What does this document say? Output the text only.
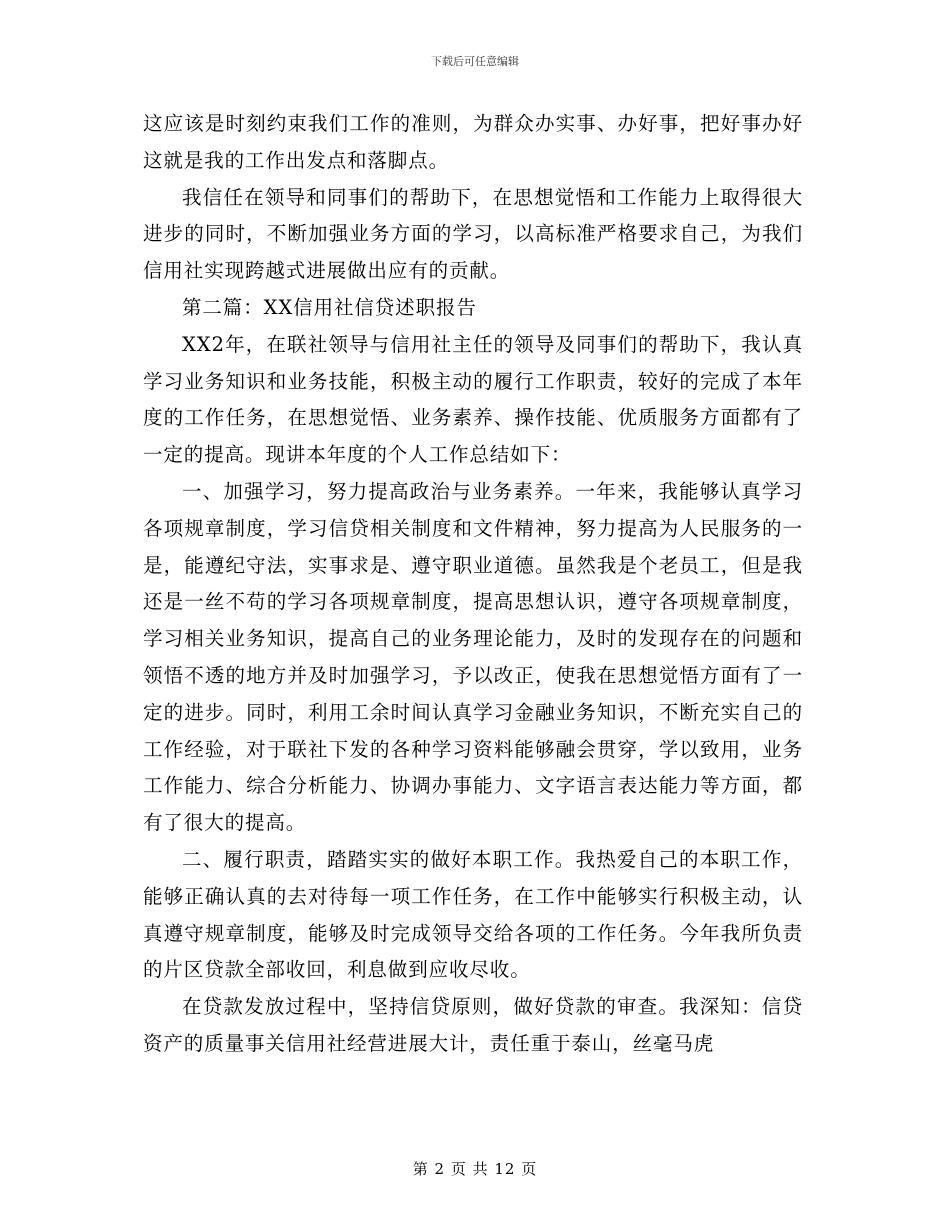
下载后可任意编辑

这应该是时刻约束我们工作的准则，为群众办实事、办好事，把好事办好这就是我的工作出发点和落脚点。

我信任在领导和同事们的帮助下，在思想觉悟和工作能力上取得很大进步的同时，不断加强业务方面的学习，以高标准严格要求自己，为我们信用社实现跨越式进展做出应有的贡献。

第二篇：XX信用社信贷述职报告

XX2年，在联社领导与信用社主任的领导及同事们的帮助下，我认真学习业务知识和业务技能，积极主动的履行工作职责，较好的完成了本年度的工作任务，在思想觉悟、业务素养、操作技能、优质服务方面都有了一定的提高。现讲本年度的个人工作总结如下：

一、加强学习，努力提高政治与业务素养。一年来，我能够认真学习各项规章制度，学习信贷相关制度和文件精神，努力提高为人民服务的一是，能遵纪守法，实事求是、遵守职业道德。虽然我是个老员工，但是我还是一丝不苟的学习各项规章制度，提高思想认识，遵守各项规章制度，学习相关业务知识，提高自己的业务理论能力，及时的发现存在的问题和领悟不透的地方并及时加强学习，予以改正，使我在思想觉悟方面有了一定的进步。同时，利用工余时间认真学习金融业务知识，不断充实自己的工作经验，对于联社下发的各种学习资料能够融会贯穿，学以致用，业务工作能力、综合分析能力、协调办事能力、文字语言表达能力等方面，都有了很大的提高。

二、履行职责，踏踏实实的做好本职工作。我热爱自己的本职工作，能够正确认真的去对待每一项工作任务，在工作中能够实行积极主动，认真遵守规章制度，能够及时完成领导交给各项的工作任务。今年我所负责的片区贷款全部收回，利息做到应收尽收。

在贷款发放过程中，坚持信贷原则，做好贷款的审查。我深知：信贷资产的质量事关信用社经营进展大计，责任重于泰山，丝毫马虎

第 2 页 共 12 页
